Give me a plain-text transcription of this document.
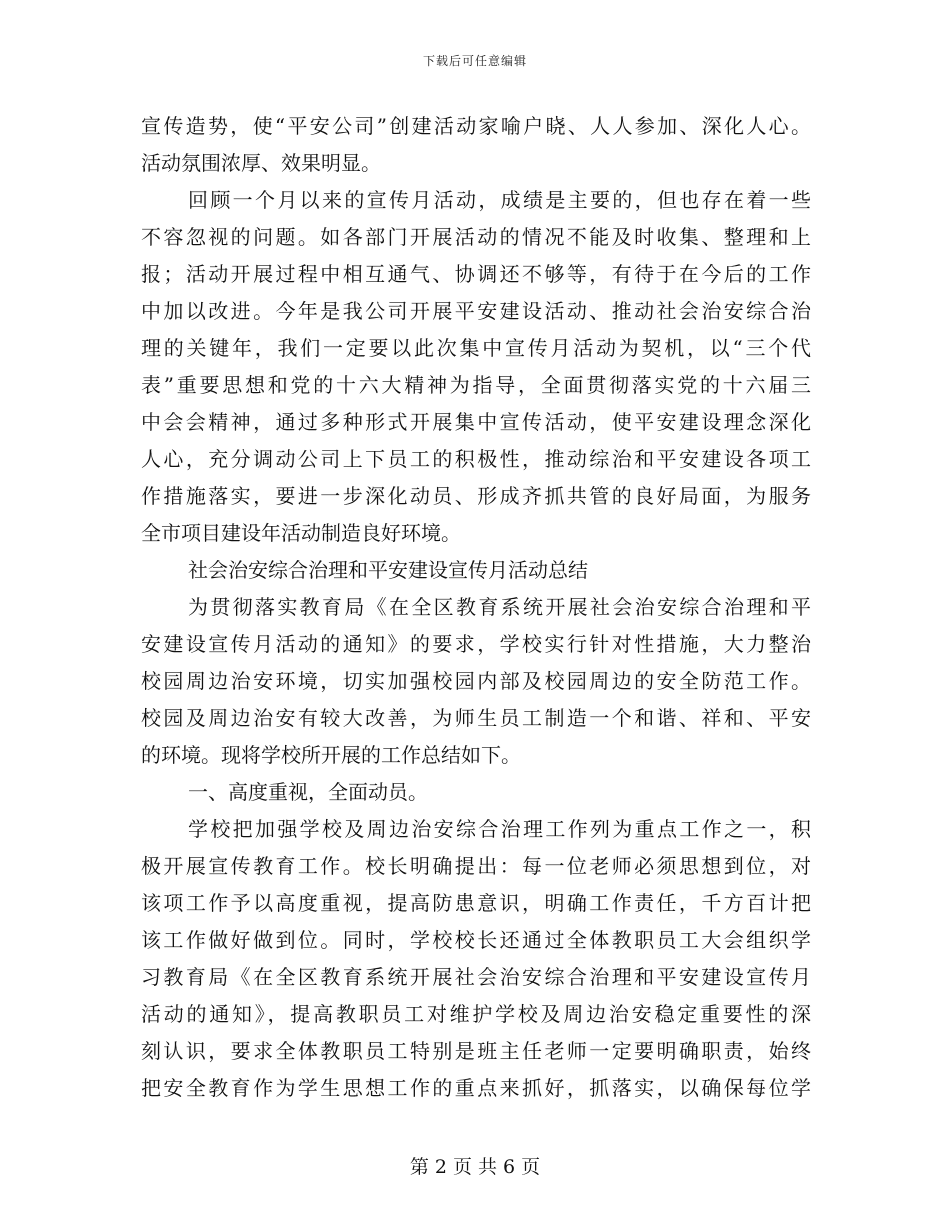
下载后可任意编辑
宣传造势，使“平安公司”创建活动家喻户晓、人人参加、深化人心。
活动氛围浓厚、效果明显。
回顾一个月以来的宣传月活动，成绩是主要的，但也存在着一些
不容忽视的问题。如各部门开展活动的情况不能及时收集、整理和上
报；活动开展过程中相互通气、协调还不够等，有待于在今后的工作
中加以改进。今年是我公司开展平安建设活动、推动社会治安综合治
理的关键年，我们一定要以此次集中宣传月活动为契机，以“三个代
表”重要思想和党的十六大精神为指导，全面贯彻落实党的十六届三
中会会精神，通过多种形式开展集中宣传活动，使平安建设理念深化
人心，充分调动公司上下员工的积极性，推动综治和平安建设各项工
作措施落实，要进一步深化动员、形成齐抓共管的良好局面，为服务
全市项目建设年活动制造良好环境。
社会治安综合治理和平安建设宣传月活动总结
为贯彻落实教育局《在全区教育系统开展社会治安综合治理和平
安建设宣传月活动的通知》的要求，学校实行针对性措施，大力整治
校园周边治安环境，切实加强校园内部及校园周边的安全防范工作。
校园及周边治安有较大改善，为师生员工制造一个和谐、祥和、平安
的环境。现将学校所开展的工作总结如下。
一、高度重视，全面动员。
学校把加强学校及周边治安综合治理工作列为重点工作之一，积
极开展宣传教育工作。校长明确提出：每一位老师必须思想到位，对
该项工作予以高度重视，提高防患意识，明确工作责任，千方百计把
该工作做好做到位。同时，学校校长还通过全体教职员工大会组织学
习教育局《在全区教育系统开展社会治安综合治理和平安建设宣传月
活动的通知》，提高教职员工对维护学校及周边治安稳定重要性的深
刻认识，要求全体教职员工特别是班主任老师一定要明确职责，始终
把安全教育作为学生思想工作的重点来抓好，抓落实，以确保每位学
第 2 页 共 6 页
